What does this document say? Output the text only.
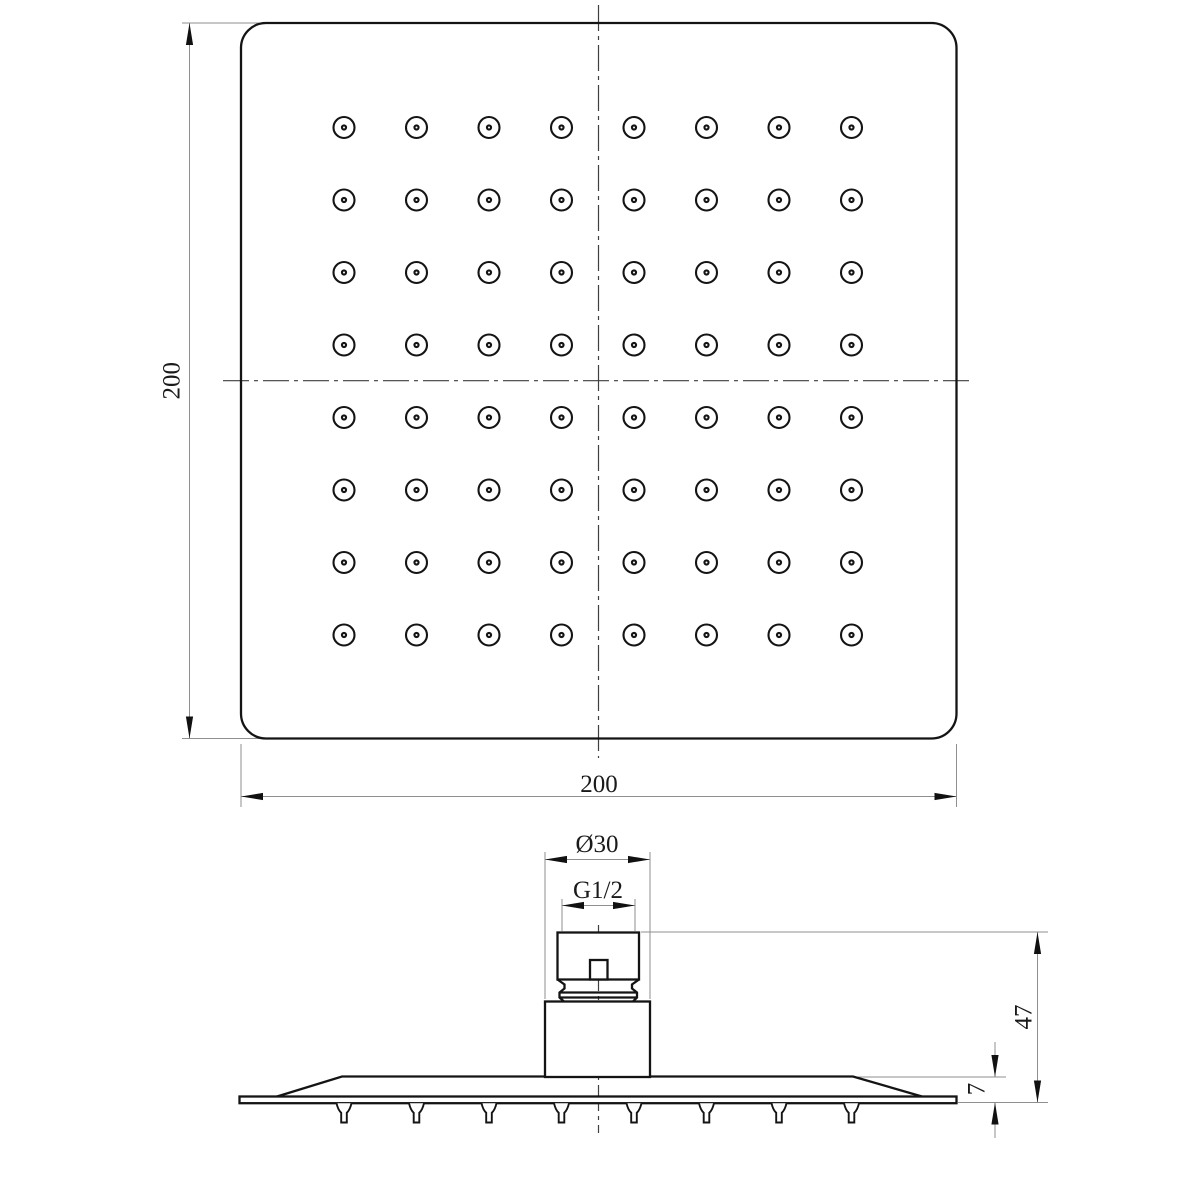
200
200
Ø30
G1/2
47
7
